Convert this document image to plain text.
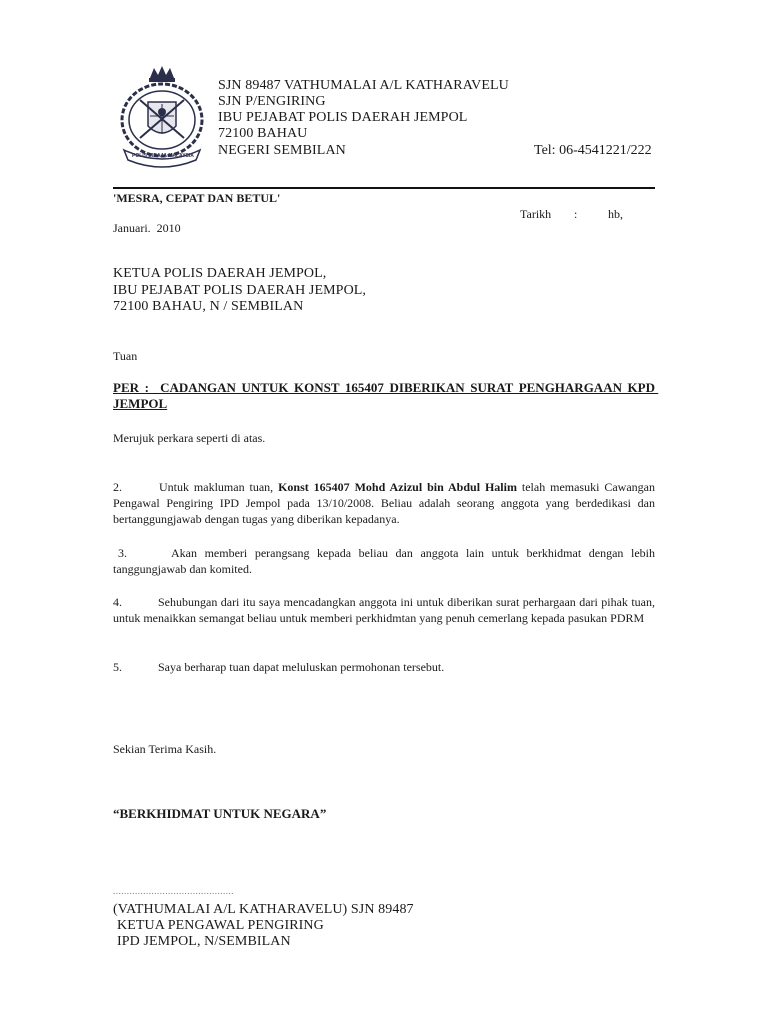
POLIS DIRAJA MALAYSIA
SJN 89487 VATHUMALAI A/L KATHARAVELU
SJN P/ENGIRING
IBU PEJABAT POLIS DAERAH JEMPOL
72100 BAHAU
NEGERI SEMBILAN	Tel: 06-4541221/222
'MESRA, CEPAT DAN BETUL'
Tarikh :	hb,
Januari.  2010
KETUA POLIS DAERAH JEMPOL,
IBU PEJABAT POLIS DAERAH JEMPOL,
72100 BAHAU, N / SEMBILAN
Tuan
PER :  CADANGAN UNTUK KONST 165407 DIBERIKAN SURAT PENGHARGAAN KPD JEMPOL
Merujuk perkara seperti di atas.
2.	Untuk makluman tuan, Konst 165407 Mohd Azizul bin Abdul Halim telah memasuki Cawangan Pengawal Pengiring IPD Jempol pada 13/10/2008. Beliau adalah seorang anggota yang berdedikasi dan bertanggungjawab dengan tugas yang diberikan kepadanya.
3.	Akan memberi perangsang kepada beliau dan anggota lain untuk berkhidmat dengan lebih tanggungjawab dan komited.
4.	Sehubungan dari itu saya mencadangkan anggota ini untuk diberikan surat perhargaan dari pihak tuan, untuk menaikkan semangat beliau untuk memberi perkhidmtan yang penuh cemerlang kepada pasukan PDRM
5.	Saya berharap tuan dapat meluluskan permohonan tersebut.
Sekian Terima Kasih.
“BERKHIDMAT UNTUK NEGARA”
............................................
(VATHUMALAI A/L KATHARAVELU) SJN 89487
KETUA PENGAWAL PENGIRING
IPD JEMPOL, N/SEMBILAN
